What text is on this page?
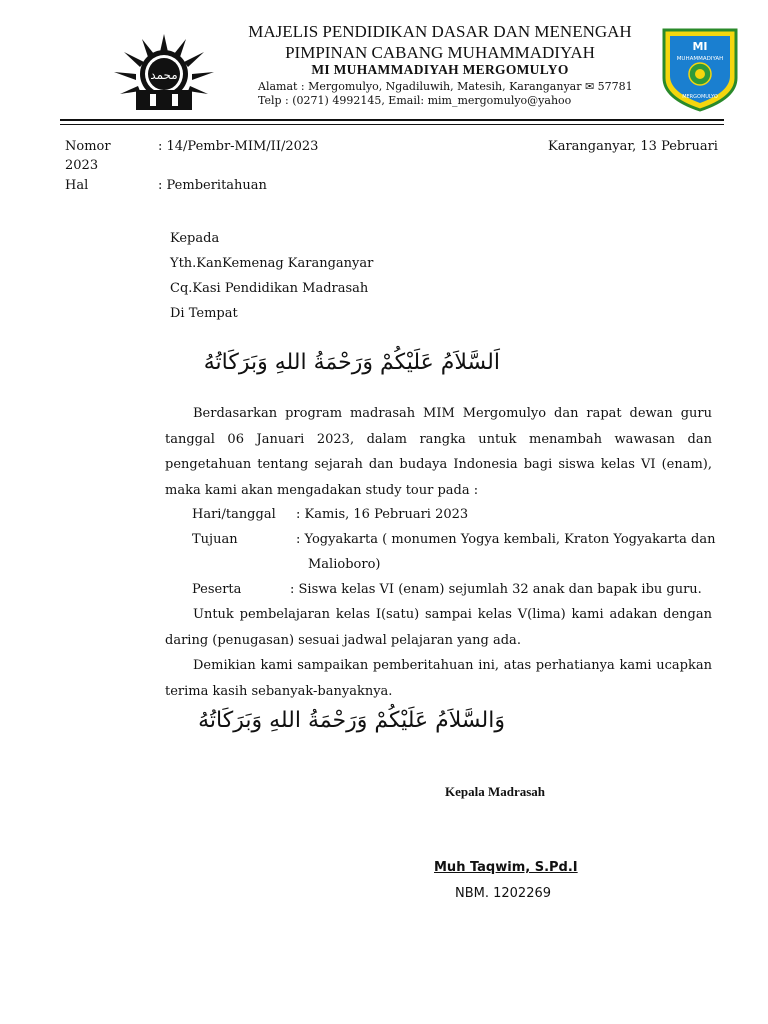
ﻣﺤﻤﺪ
MAJELIS PENDIDIKAN DASAR DAN MENENGAH
PIMPINAN CABANG MUHAMMADIYAH
MI MUHAMMADIYAH MERGOMULYO
Alamat : Mergomulyo, Ngadiluwih, Matesih, Karanganyar ✉ 57781
Telp : (0271) 4992145, Email: mim_mergomulyo@yahoo
MI
MUHAMMADIYAH
MERGOMULYO
Nomor	: 14/Pembr-MIM/II/2023	Karanganyar, 13 Pebruari
2023
Hal	: Pemberitahuan
Kepada
Yth.KanKemenag Karanganyar
Cq.Kasi Pendidikan Madrasah
Di Tempat
اَلسَّلاَمُ عَلَيْكُمْ وَرَحْمَةُ اللهِ وَبَرَكَاتُهُ
Berdasarkan program madrasah MIM Mergomulyo dan rapat dewan guru tanggal 06 Januari 2023, dalam rangka untuk menambah wawasan dan pengetahuan tentang sejarah dan budaya Indonesia bagi siswa kelas VI (enam), maka kami akan mengadakan study tour pada :
Hari/tanggal : Kamis, 16 Pebruari 2023
Tujuan	: Yogyakarta ( monumen Yogya kembali, Kraton Yogyakarta dan
Malioboro)
Peserta	: Siswa kelas VI (enam) sejumlah 32 anak dan bapak ibu guru.
Untuk pembelajaran kelas I(satu) sampai kelas V(lima) kami adakan dengan daring (penugasan) sesuai jadwal pelajaran yang ada.
Demikian kami sampaikan pemberitahuan ini, atas perhatianya kami ucapkan terima kasih sebanyak-banyaknya.
وَالسَّلاَمُ عَلَيْكُمْ وَرَحْمَةُ اللهِ وَبَرَكَاتُهُ
Kepala Madrasah
Muh Taqwim, S.Pd.I
NBM. 1202269
